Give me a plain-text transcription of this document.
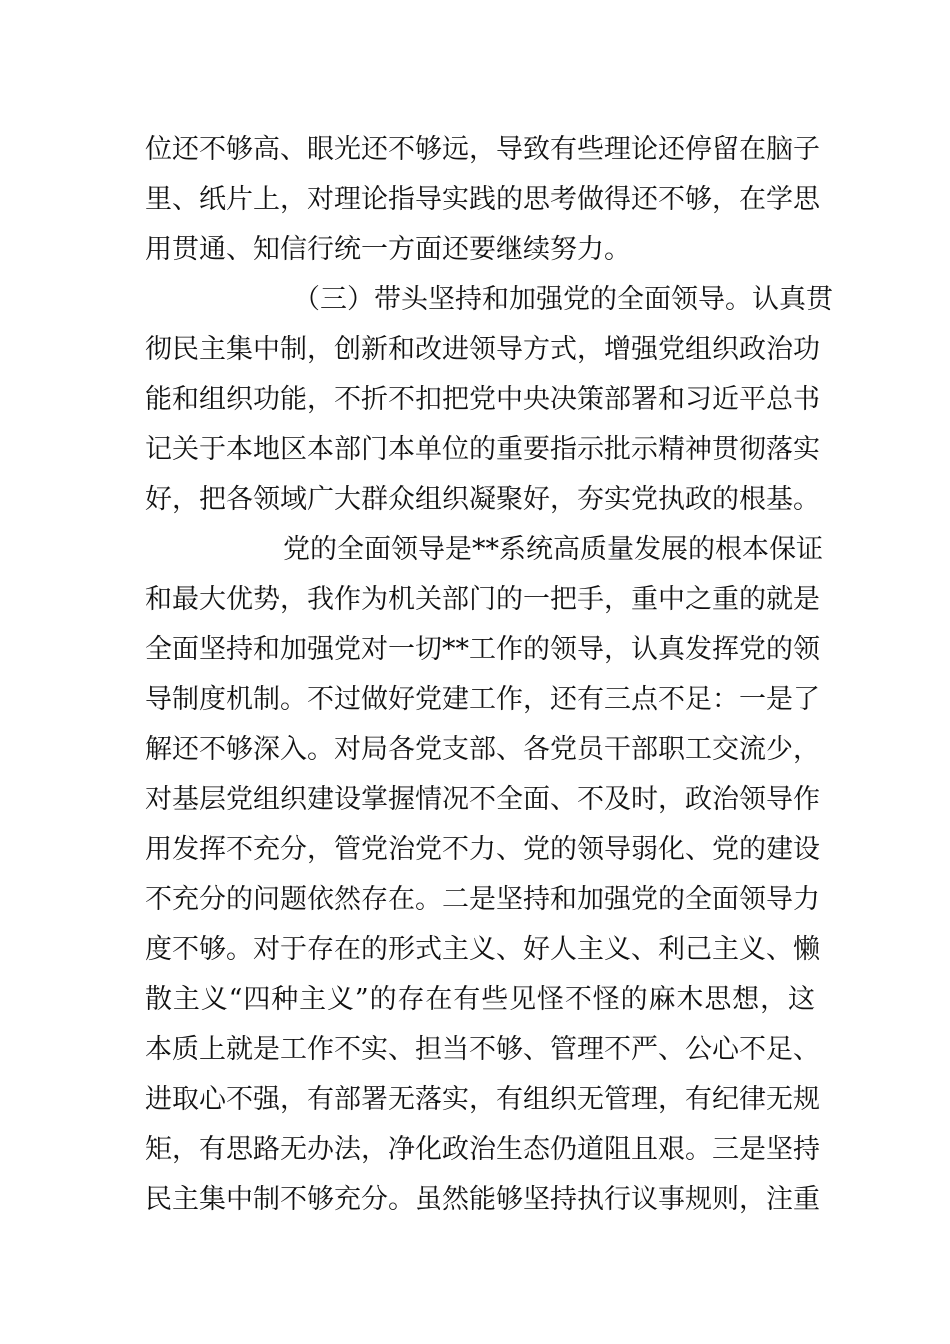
位还不够高、眼光还不够远，导致有些理论还停留在脑子
里、纸片上，对理论指导实践的思考做得还不够，在学思
用贯通、知信行统一方面还要继续努力。
（三）带头坚持和加强党的全面领导。认真贯
彻民主集中制，创新和改进领导方式，增强党组织政治功
能和组织功能，不折不扣把党中央决策部署和习近平总书
记关于本地区本部门本单位的重要指示批示精神贯彻落实
好，把各领域广大群众组织凝聚好，夯实党执政的根基。
党的全面领导是**系统高质量发展的根本保证
和最大优势，我作为机关部门的一把手，重中之重的就是
全面坚持和加强党对一切**工作的领导，认真发挥党的领
导制度机制。不过做好党建工作，还有三点不足：一是了
解还不够深入。对局各党支部、各党员干部职工交流少，
对基层党组织建设掌握情况不全面、不及时，政治领导作
用发挥不充分，管党治党不力、党的领导弱化、党的建设
不充分的问题依然存在。二是坚持和加强党的全面领导力
度不够。对于存在的形式主义、好人主义、利己主义、懒
散主义“四种主义”的存在有些见怪不怪的麻木思想，这
本质上就是工作不实、担当不够、管理不严、公心不足、
进取心不强，有部署无落实，有组织无管理，有纪律无规
矩，有思路无办法，净化政治生态仍道阻且艰。三是坚持
民主集中制不够充分。虽然能够坚持执行议事规则，注重
